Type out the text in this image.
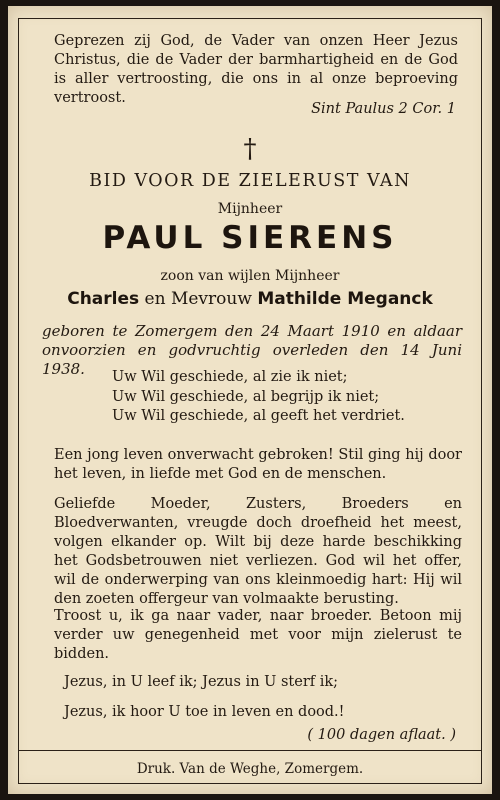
Geprezen zij God, de Vader van onzen Heer Jezus Christus, die de Vader der barmhartigheid en de God is aller vertroosting, die ons in al onze beproeving vertroost.
Sint Paulus 2 Cor. 1
†
BID VOOR DE ZIELERUST VAN
Mijnheer
PAUL SIERENS
zoon van wijlen Mijnheer
Charles en Mevrouw Mathilde Meganck
geboren te Zomergem den 24 Maart 1910 en aldaar onvoorzien en godvruchtig overleden den 14 Juni 1938.	Uw Wil geschiede, al zie ik niet;
Uw Wil geschiede, al begrijp ik niet;
Uw Wil geschiede, al geeft het verdriet.
Een jong leven onverwacht gebroken! Stil ging hij door het leven, in liefde met God en de menschen.
Geliefde Moeder, Zusters, Broeders en Bloedverwanten, vreugde doch droefheid het meest, volgen elkander op. Wilt bij deze harde beschikking het Godsbetrouwen niet verliezen. God wil het offer, wil de onderwerping van ons kleinmoedig hart: Hij wil den zoeten offergeur van volmaakte berusting.
Troost u, ik ga naar vader, naar broeder. Betoon mij verder uw genegenheid met voor mijn zielerust te bidden.
Jezus, in U leef ik; Jezus in U sterf ik;
Jezus, ik hoor U toe in leven en dood.!
( 100 dagen aflaat. )
Druk. Van de Weghe, Zomergem.
